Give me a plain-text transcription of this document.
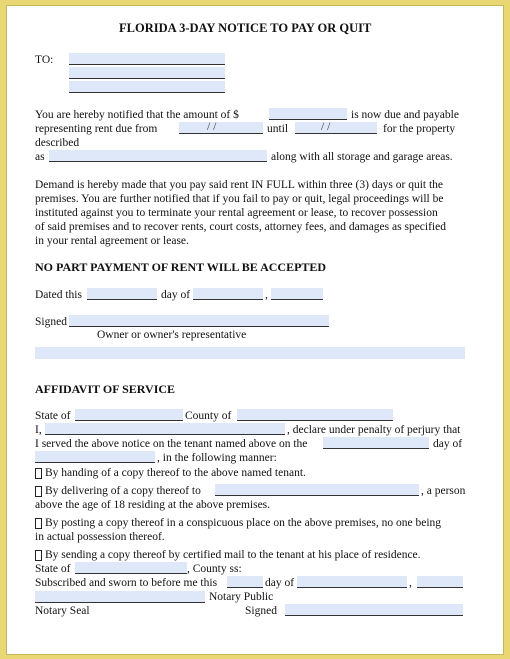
FLORIDA 3-DAY NOTICE TO PAY OR QUIT
TO:
You are hereby notified that the amount of $	is now due and payable
representing rent due from	/ /	until	/ /	for the property
described
as	along with all storage and garage areas.
Demand is hereby made that you pay said rent IN FULL within three (3) days or quit the
premises. You are further notified that if you fail to pay or quit, legal proceedings will be
instituted against you to terminate your rental agreement or lease, to recover possession
of said premises and to recover rents, court costs, attorney fees, and damages as specified
in your rental agreement or lease.
NO PART PAYMENT OF RENT WILL BE ACCEPTED
Dated this	day of	,
Signed
Owner or owner's representative
AFFIDAVIT OF SERVICE
State of	County of
I,	, declare under penalty of perjury that
I served the above notice on the tenant named above on the	day of
, in the following manner:
By handing of a copy thereof to the above named tenant.
By delivering of a copy thereof to	, a person
above the age of 18 residing at the above premises.
By posting a copy thereof in a conspicuous place on the above premises, no one being
in actual possession thereof.
By sending a copy thereof by certified mail to the tenant at his place of residence.
State of	, County ss:
Subscribed and sworn to before me this	day of	,
Notary Public
Notary Seal	Signed
